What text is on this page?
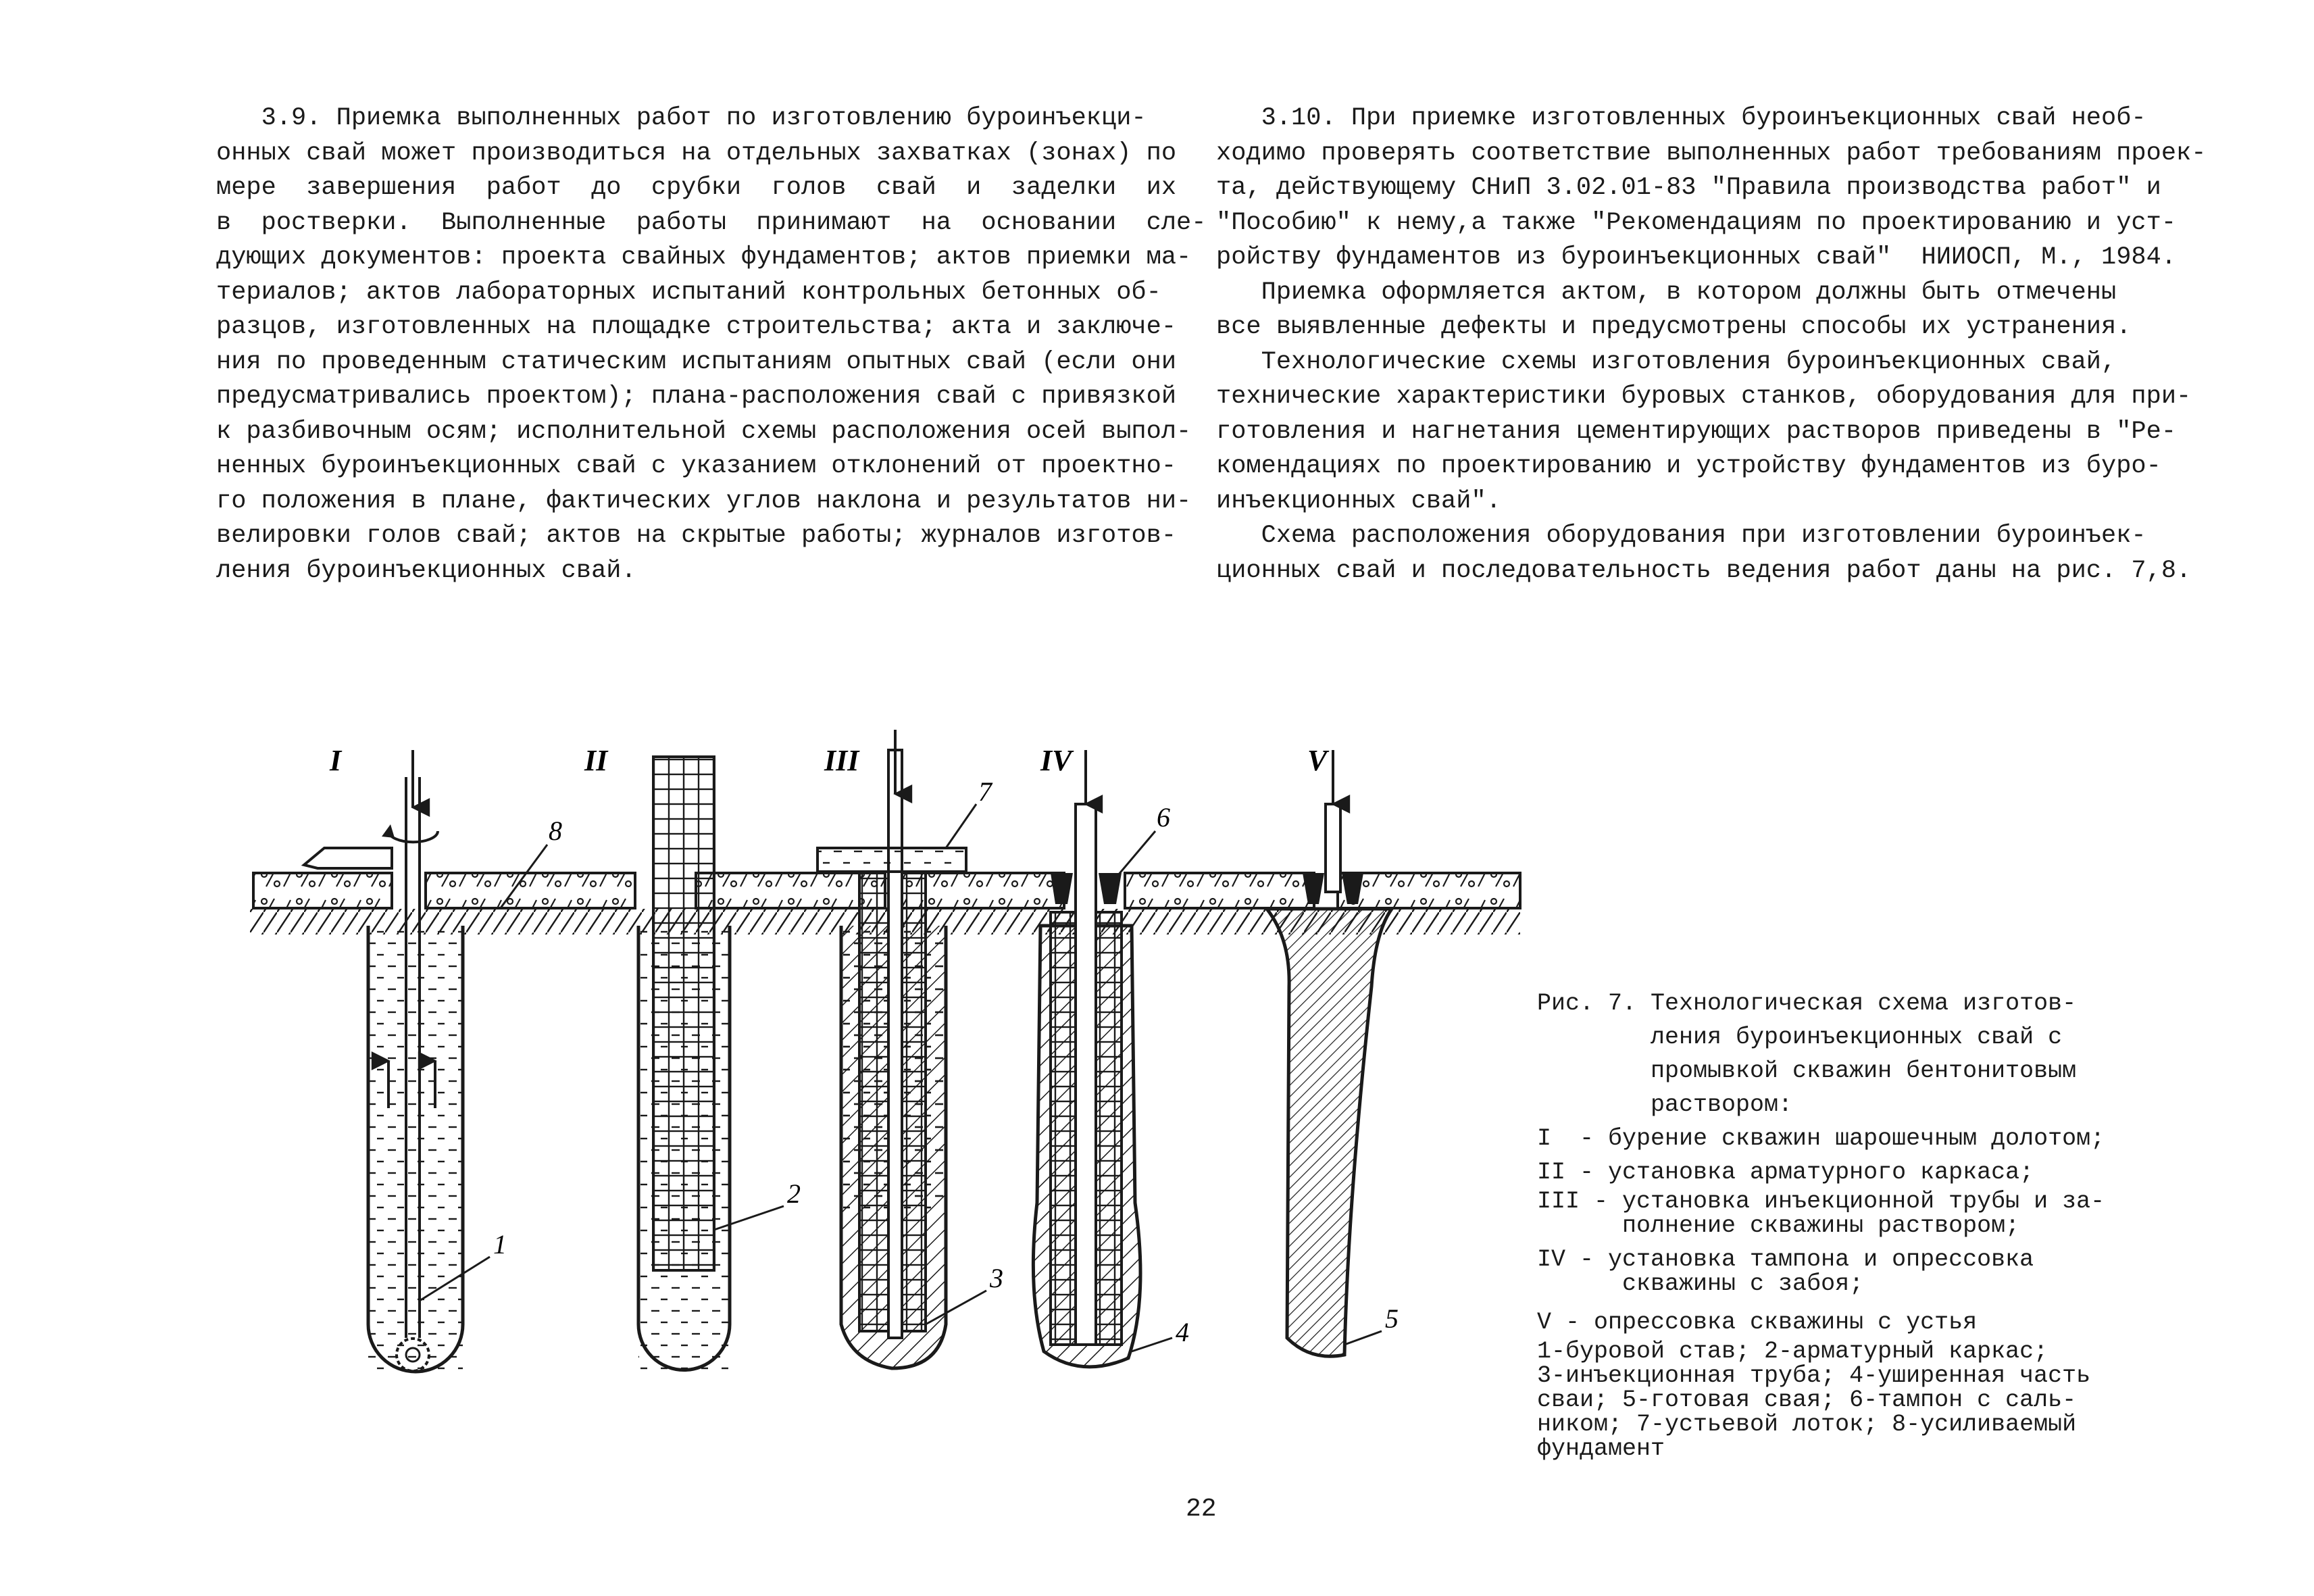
3.9. Приемка выполненных работ по изготовлению буроинъекци-

онных свай может производиться на отдельных захватках (зонах) по

мере  завершения  работ  до  срубки  голов  свай  и  заделки  их

в  ростверки.  Выполненные  работы  принимают  на  основании  сле-

дующих документов: проекта свайных фундаментов; актов приемки ма-

териалов; актов лабораторных испытаний контрольных бетонных об-

разцов, изготовленных на площадке строительства; акта и заключе-

ния по проведенным статическим испытаниям опытных свай (если они

предусматривались проектом); плана-расположения свай с привязкой

к разбивочным осям; исполнительной схемы расположения осей выпол-

ненных буроинъекционных свай с указанием отклонений от проектно-

го положения в плане, фактических углов наклона и результатов ни-

велировки голов свай; актов на скрытые работы; журналов изготов-

ления буроинъекционных свай.

3.10. При приемке изготовленных буроинъекционных свай необ-

ходимо проверять соответствие выполненных работ требованиям проек-

та, действующему СНиП 3.02.01-83 "Правила производства работ" и

"Пособию" к нему,а также "Рекомендациям по проектированию и уст-

ройству фундаментов из буроинъекционных свай"  НИИОСП, М., 1984.

Приемка оформляется актом, в котором должны быть отмечены

все выявленные дефекты и предусмотрены способы их устранения.

Технологические схемы изготовления буроинъекционных свай,

технические характеристики буровых станков, оборудования для при-

готовления и нагнетания цементирующих растворов приведены в "Ре-

комендациях по проектированию и устройству фундаментов из буро-

инъекционных свай".

Схема расположения оборудования при изготовлении буроинъек-

ционных свай и последовательность ведения работ даны на рис. 7,8.

I	II	III	IV	V
1
2
3
4	5
6
7
8

Рис. 7. Технологическая схема изготов-

ления буроинъекционных свай с

промывкой скважин бентонитовым

раствором:

I  - бурение скважин шарошечным долотом;

II - установка арматурного каркаса;

III - установка инъекционной трубы и за-

полнение скважины раствором;

IV - установка тампона и опрессовка

скважины с забоя;

V - опрессовка скважины с устья

1-буровой став; 2-арматурный каркас;

3-инъекционная труба; 4-уширенная часть

сваи; 5-готовая свая; 6-тампон с саль-

ником; 7-устьевой лоток; 8-усиливаемый

фундамент

22
